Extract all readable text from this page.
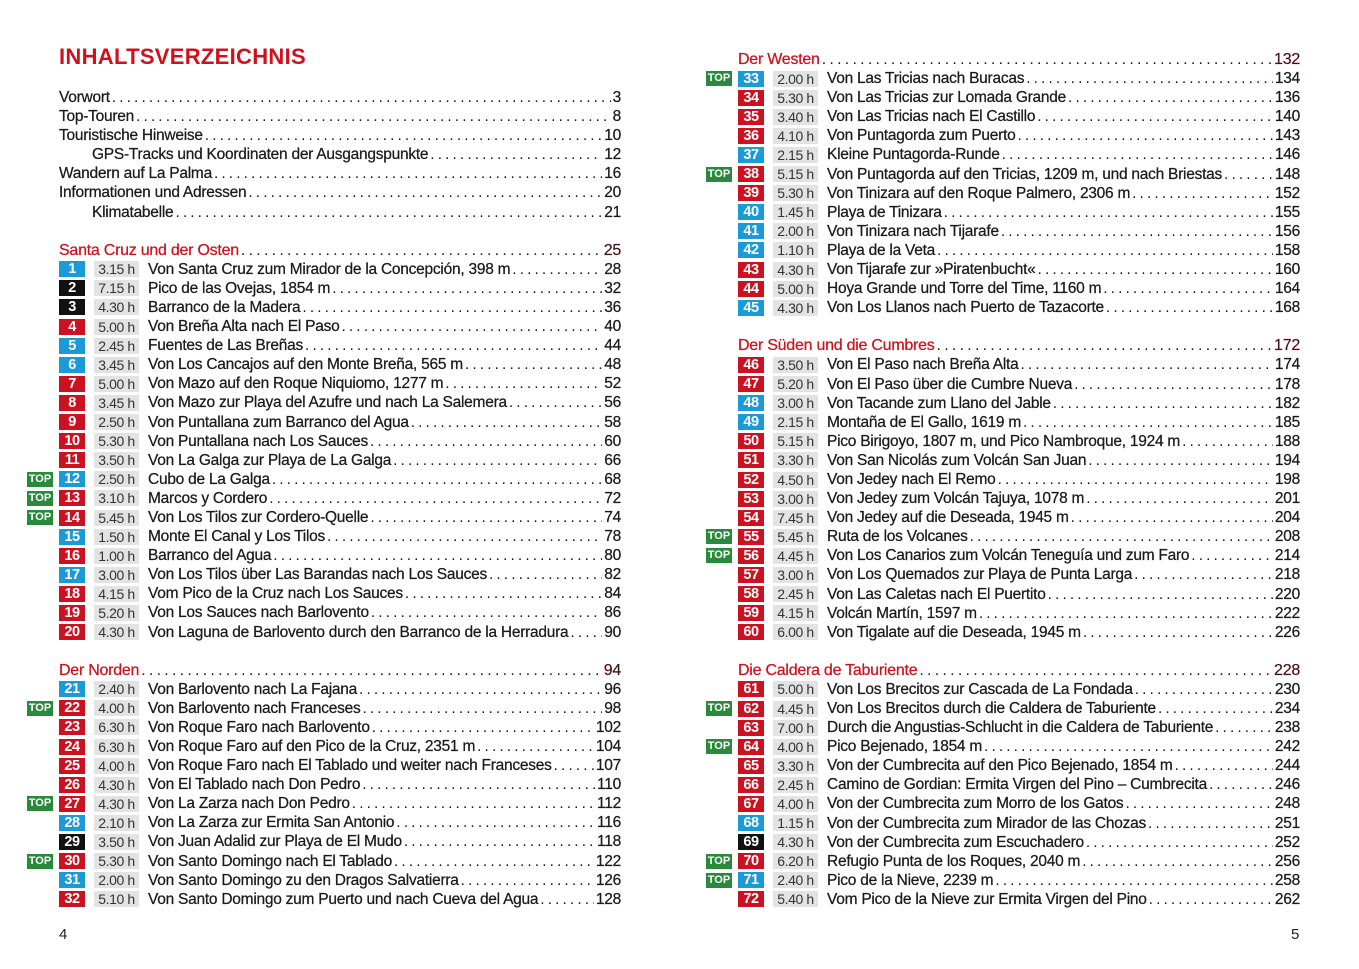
INHALTSVERZEICHNIS
Vorwort . . .	3
Top-Touren . . .	8
Touristische Hinweise . . .	10
GPS-Tracks und Koordinaten der Ausgangspunkte . . .	12
Wandern auf La Palma . . .	16
Informationen und Adressen . . .	20
Klimatabelle . . .	21
Santa Cruz und der Osten . . .	25
1	3.15 h Von Santa Cruz zum Mirador de la Concepción, 398 m . . .	28
2	7.15 h Pico de las Ovejas, 1854 m . . .	32
3	4.30 h Barranco de la Madera . . .	36
4	5.00 h Von Breña Alta nach El Paso . . .	40
5	2.45 h Fuentes de Las Breñas . . .	44
6	3.45 h Von Los Cancajos auf den Monte Breña, 565 m . . .	48
7	5.00 h Von Mazo auf den Roque Niquiomo, 1277 m . . .	52
8	3.45 h Von Mazo zur Playa del Azufre und nach La Salemera . . .	56
9	2.50 h Von Puntallana zum Barranco del Agua . . .	58
10	5.30 h Von Puntallana nach Los Sauces . . .	60
11	3.50 h Von La Galga zur Playa de La Galga . . .	66
TOP 12	2.50 h Cubo de La Galga . . .	68
TOP 13	3.10 h Marcos y Cordero . . .	72
TOP 14	5.45 h Von Los Tilos zur Cordero-Quelle . . .	74
15	1.50 h Monte El Canal y Los Tilos . . .	78
16	1.00 h Barranco del Agua . . .	80
17	3.00 h Von Los Tilos über Las Barandas nach Los Sauces . . .	82
18	4.15 h Vom Pico de la Cruz nach Los Sauces . . .	84
19	5.20 h Von Los Sauces nach Barlovento . . .	86
20	4.30 h Von Laguna de Barlovento durch den Barranco de la Herradura . . . 90
Der Norden . . .	94
21	2.40 h Von Barlovento nach La Fajana . . .	96
TOP 22	4.00 h Von Barlovento nach Franceses . . .	98
23	6.30 h Von Roque Faro nach Barlovento . . .	102
24	6.30 h Von Roque Faro auf den Pico de la Cruz, 2351 m . . .	104
25	4.00 h Von Roque Faro nach El Tablado und weiter nach Franceses . . .	107
26	4.30 h Von El Tablado nach Don Pedro . . .	110
TOP 27	4.30 h Von La Zarza nach Don Pedro . . .	112
28	2.10 h Von La Zarza zur Ermita San Antonio . . .	116
29	3.50 h Von Juan Adalid zur Playa de El Mudo . . .	118
TOP 30	5.30 h Von Santo Domingo nach El Tablado . . .	122
31	2.00 h Von Santo Domingo zu den Dragos Salvatierra . . .	126
32	5.10 h Von Santo Domingo zum Puerto und nach Cueva del Agua . . .	128
Der Westen . . .	132
TOP 33	2.00 h Von Las Tricias nach Buracas . . .	134
34	5.30 h Von Las Tricias zur Lomada Grande . . .	136
35	3.40 h Von Las Tricias nach El Castillo . . .	140
36	4.10 h Von Puntagorda zum Puerto . . .	143
37	2.15 h Kleine Puntagorda-Runde . . .	146
TOP 38	5.15 h Von Puntagorda auf den Tricias, 1209 m, und nach Briestas . . .	148
39	5.30 h Von Tinizara auf den Roque Palmero, 2306 m . . .	152
40	1.45 h Playa de Tinizara . . .	155
41	2.00 h Von Tinizara nach Tijarafe . . .	156
42	1.10 h Playa de la Veta . . .	158
43	4.30 h Von Tijarafe zur »Piratenbucht« . . .	160
44	5.00 h Hoya Grande und Torre del Time, 1160 m . . .	164
45	4.30 h Von Los Llanos nach Puerto de Tazacorte . . .	168
Der Süden und die Cumbres . . .	172
46	3.50 h Von El Paso nach Breña Alta . . .	174
47	5.20 h Von El Paso über die Cumbre Nueva . . .	178
48	3.00 h Von Tacande zum Llano del Jable . . .	182
49	2.15 h Montaña de El Gallo, 1619 m . . .	185
50	5.15 h Pico Birigoyo, 1807 m, und Pico Nambroque, 1924 m . . .	188
51	3.30 h Von San Nicolás zum Volcán San Juan . . .	194
52	4.50 h Von Jedey nach El Remo . . .	198
53	3.00 h Von Jedey zum Volcán Tajuya, 1078 m . . .	201
54	7.45 h Von Jedey auf die Deseada, 1945 m . . .	204
TOP 55	5.45 h Ruta de los Volcanes . . .	208
TOP 56	4.45 h Von Los Canarios zum Volcán Teneguía und zum Faro . . .	214
57	3.00 h Von Los Quemados zur Playa de Punta Larga . . .	218
58	2.45 h Von Las Caletas nach El Puertito . . .	220
59	4.15 h Volcán Martín, 1597 m . . .	222
60	6.00 h Von Tigalate auf die Deseada, 1945 m . . .	226
Die Caldera de Taburiente . . .	228
61	5.00 h Von Los Brecitos zur Cascada de La Fondada . . .	230
TOP 62	4.45 h Von Los Brecitos durch die Caldera de Taburiente . . .	234
63	7.00 h Durch die Angustias-Schlucht in die Caldera de Taburiente . . .	238
TOP 64	4.00 h Pico Bejenado, 1854 m . . .	242
65	3.30 h Von der Cumbrecita auf den Pico Bejenado, 1854 m . . .	244
66	2.45 h Camino de Gordian: Ermita Virgen del Pino – Cumbrecita . . .	246
67	4.00 h Von der Cumbrecita zum Morro de los Gatos . . .	248
68	1.15 h Von der Cumbrecita zum Mirador de las Chozas . . .	251
69	4.30 h Von der Cumbrecita zum Escuchadero . . .	252
TOP 70	6.20 h Refugio Punta de los Roques, 2040 m . . .	256
TOP 71	2.40 h Pico de la Nieve, 2239 m . . .	258
72	5.40 h Vom Pico de la Nieve zur Ermita Virgen del Pino . . .	262
4	5
